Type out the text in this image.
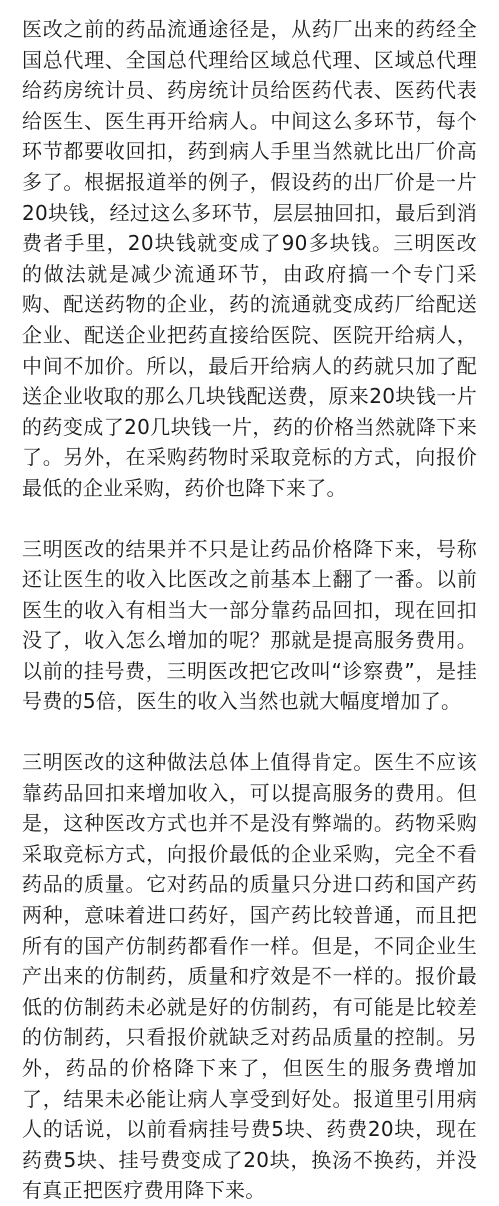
医改之前的药品流通途径是，从药厂出来的药经全国总代理、全国总代理给区域总代理、区域总代理给药房统计员、药房统计员给医药代表、医药代表给医生、医生再开给病人。中间这么多环节，每个环节都要收回扣，药到病人手里当然就比出厂价高多了。根据报道举的例子，假设药的出厂价是一片20块钱，经过这么多环节，层层抽回扣，最后到消费者手里，20块钱就变成了90多块钱。三明医改的做法就是减少流通环节，由政府搞一个专门采购、配送药物的企业，药的流通就变成药厂给配送企业、配送企业把药直接给医院、医院开给病人，中间不加价。所以，最后开给病人的药就只加了配送企业收取的那么几块钱配送费，原来20块钱一片的药变成了20几块钱一片，药的价格当然就降下来了。另外，在采购药物时采取竞标的方式，向报价最低的企业采购，药价也降下来了。

三明医改的结果并不只是让药品价格降下来，号称还让医生的收入比医改之前基本上翻了一番。以前医生的收入有相当大一部分靠药品回扣，现在回扣没了，收入怎么增加的呢？那就是提高服务费用。以前的挂号费，三明医改把它改叫“诊察费”，是挂号费的5倍，医生的收入当然也就大幅度增加了。

三明医改的这种做法总体上值得肯定。医生不应该靠药品回扣来增加收入，可以提高服务的费用。但是，这种医改方式也并不是没有弊端的。药物采购采取竞标方式，向报价最低的企业采购，完全不看药品的质量。它对药品的质量只分进口药和国产药两种，意味着进口药好，国产药比较普通，而且把所有的国产仿制药都看作一样。但是，不同企业生产出来的仿制药，质量和疗效是不一样的。报价最低的仿制药未必就是好的仿制药，有可能是比较差的仿制药，只看报价就缺乏对药品质量的控制。另外，药品的价格降下来了，但医生的服务费增加了，结果未必能让病人享受到好处。报道里引用病人的话说，以前看病挂号费5块、药费20块，现在药费5块、挂号费变成了20块，换汤不换药，并没有真正把医疗费用降下来。
